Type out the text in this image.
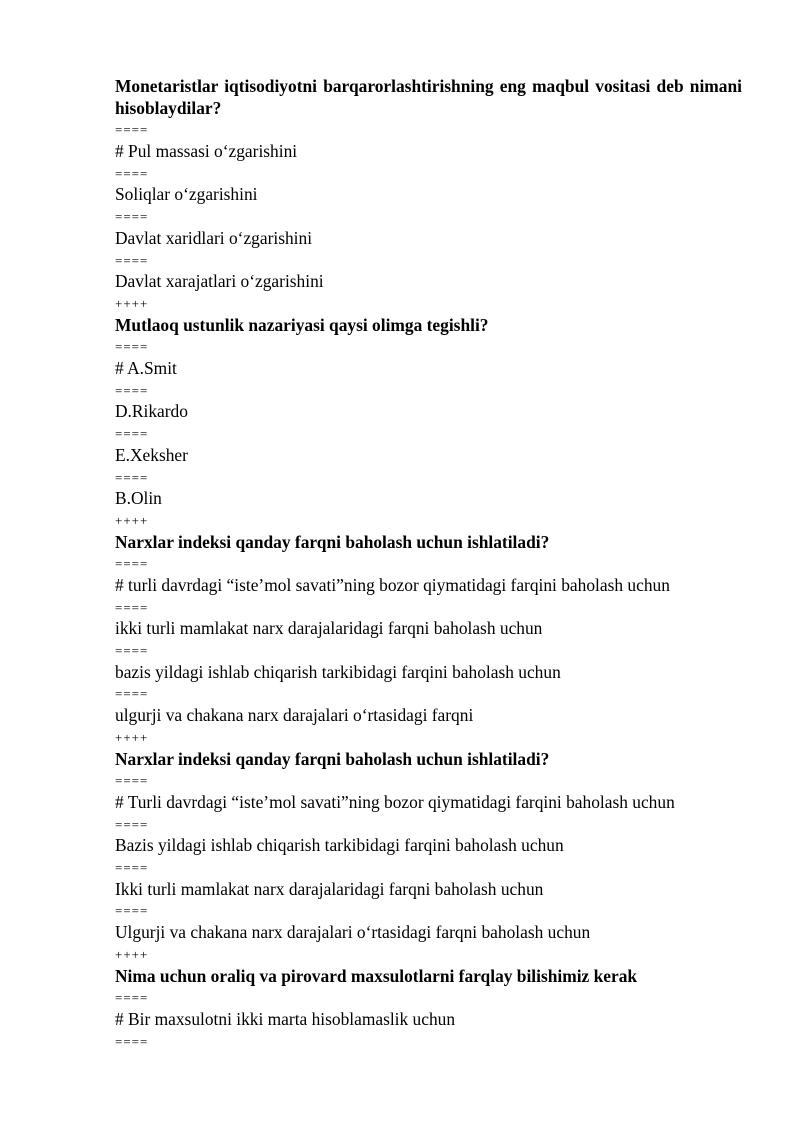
Monetaristlar iqtisodiyotni barqarorlashtirishning eng maqbul vositasi deb nimani hisoblaydilar?

====

# Pul massasi o‘zgarishini

====

Soliqlar o‘zgarishini

====

Davlat xaridlari o‘zgarishini

====

Davlat xarajatlari o‘zgarishini

++++

Mutlaoq ustunlik nazariyasi qaysi olimga tegishli?

====

# A.Smit

====

D.Rikardo

====

E.Xeksher

====

B.Olin

++++

Narxlar indeksi qanday farqni baholash uchun ishlatiladi?

====

# turli davrdagi “iste’mol savati”ning bozor qiymatidagi farqini baholash uchun

====

ikki turli mamlakat narx darajalaridagi farqni baholash uchun

====

bazis yildagi ishlab chiqarish tarkibidagi farqini baholash uchun

====

ulgurji va chakana narx darajalari o‘rtasidagi farqni

++++

Narxlar indeksi qanday farqni baholash uchun ishlatiladi?

====

# Turli davrdagi “iste’mol savati”ning bozor qiymatidagi farqini baholash uchun

====

Bazis yildagi ishlab chiqarish tarkibidagi farqini baholash uchun

====

Ikki turli mamlakat narx darajalaridagi farqni baholash uchun

====

Ulgurji va chakana narx darajalari o‘rtasidagi farqni baholash uchun

++++

Nima uchun oraliq va pirovard maxsulotlarni farqlay bilishimiz kerak

====

# Bir maxsulotni ikki marta hisoblamaslik uchun

====
